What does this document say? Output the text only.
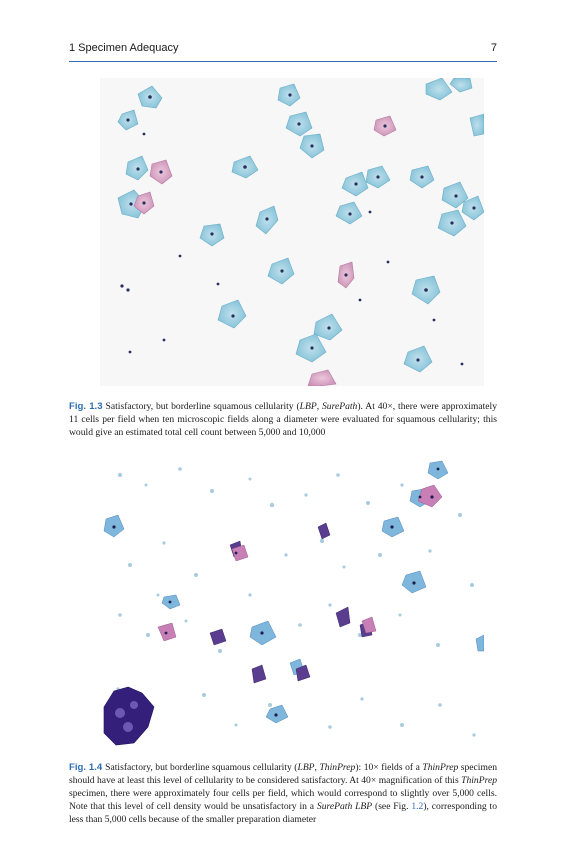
1 Specimen Adequacy	7

Fig. 1.3 Satisfactory, but borderline squamous cellularity (LBP, SurePath). At 40×, there were approximately 11 cells per field when ten microscopic fields along a diameter were evaluated for squamous cellularity; this would give an estimated total cell count between 5,000 and 10,000

Fig. 1.4 Satisfactory, but borderline squamous cellularity (LBP, ThinPrep): 10× fields of a ThinPrep specimen should have at least this level of cellularity to be considered satisfactory. At 40× magnification of this ThinPrep specimen, there were approximately four cells per field, which would correspond to slightly over 5,000 cells. Note that this level of cell density would be unsatisfactory in a SurePath LBP (see Fig. 1.2), corresponding to less than 5,000 cells because of the smaller preparation diameter
